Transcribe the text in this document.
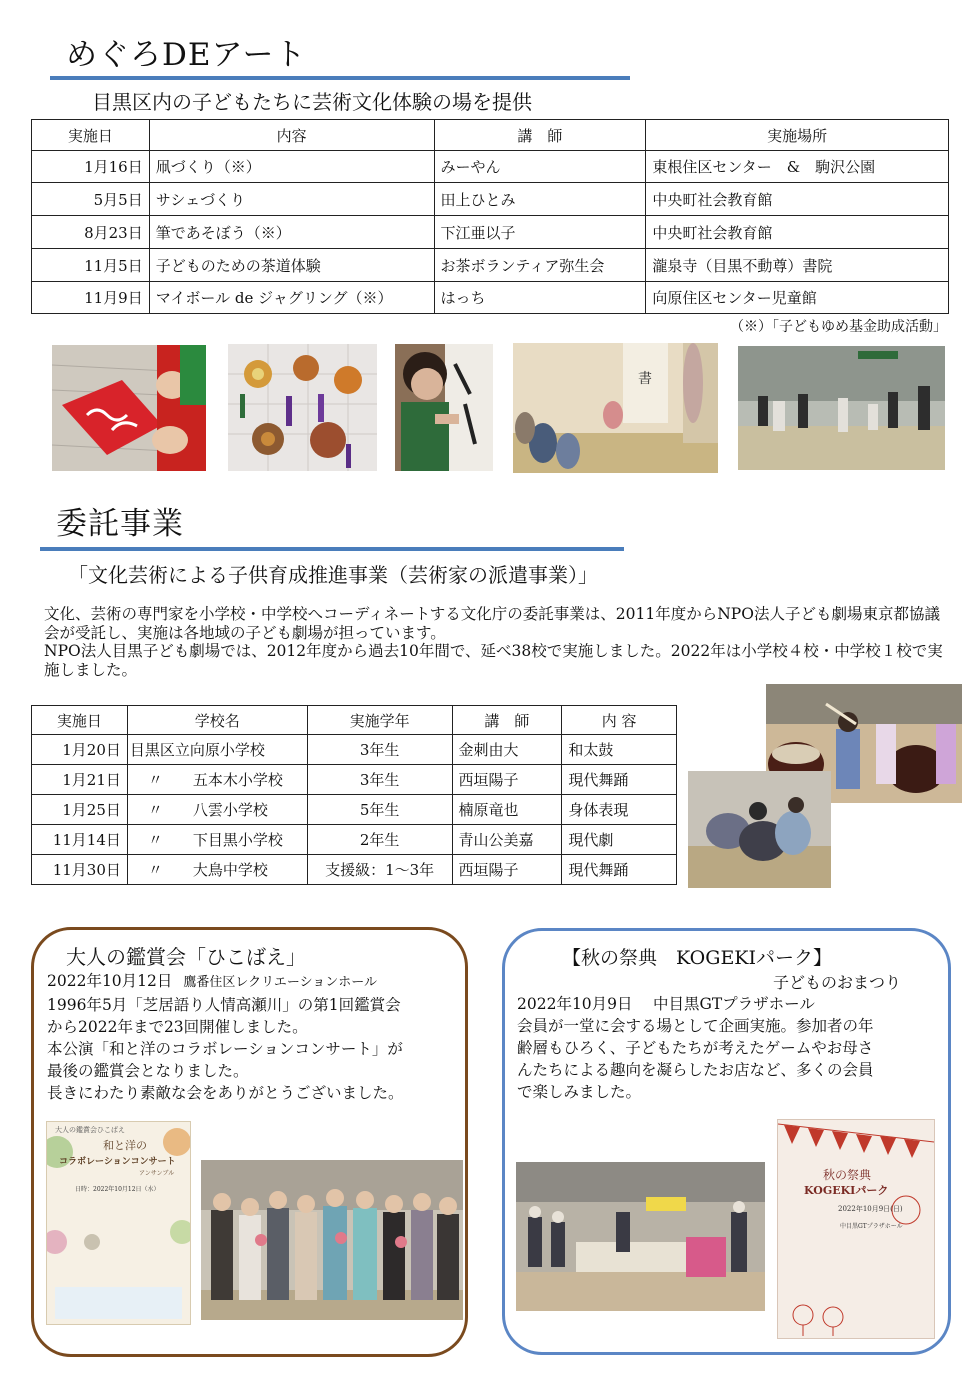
めぐろDEアート
目黒区内の子どもたちに芸術文化体験の場を提供
実施日	内容	講　師	実施場所
1月16日	凧づくり（※）	みーやん	東根住区センター　&　駒沢公園
5月5日	サシェづくり	田上ひとみ	中央町社会教育館
8月23日	筆であそぼう（※）	下江亜以子	中央町社会教育館
11月5日	子どものための茶道体験	お茶ボランティア弥生会	瀧泉寺（目黒不動尊）書院
11月9日	マイボール de ジャグリング（※）	はっち	向原住区センター児童館
（※）「子どもゆめ基金助成活動」
書
委託事業
「文化芸術による子供育成推進事業（芸術家の派遣事業）」
文化、芸術の専門家を小学校・中学校へコーディネートする文化庁の委託事業は、2011年度からNPO法人子ども劇場東京都協議会が受託し、実施は各地域の子ども劇場が担っています。
NPO法人目黒子ども劇場では、2012年度から過去10年間で、延べ38校で実施しました。2022年は小学校４校・中学校１校で実施しました。
実施日	学校名	実施学年	講　師	内 容
1月20日	目黒区立向原小学校	3年生	金刺由大	和太鼓
1月21日	〃　　五本木小学校	3年生	西垣陽子	現代舞踊
1月25日	〃　　八雲小学校	5年生	楠原竜也	身体表現
11月14日	〃　　下目黒小学校	2年生	青山公美嘉	現代劇
11月30日	〃　　大鳥中学校	支援級：1～3年	西垣陽子	現代舞踊
大人の鑑賞会「ひこばえ」
2022年10月12日 鷹番住区レクリエーションホール
1996年5月「芝居語り人情高瀬川」の第1回鑑賞会
から2022年まで23回開催しました。
本公演「和と洋のコラボレーションコンサート」が
最後の鑑賞会となりました。
長きにわたり素敵な会をありがとうございました。
大人の鑑賞会ひこばえ
和と洋の
コラボレーションコンサート
アンサンブル
日時：2022年10月12日（水）
【秋の祭典　KOGEKIパーク】
子どものおまつり
2022年10月9日　 中目黒GTプラザホール
会員が一堂に会する場として企画実施。参加者の年
齢層もひろく、子どもたちが考えたゲームやお母さ
んたちによる趣向を凝らしたお店など、多くの会員
で楽しみました。
秋の祭典
KOGEKIパーク
2022年10月9日(日)
中目黒GTプラザホール
